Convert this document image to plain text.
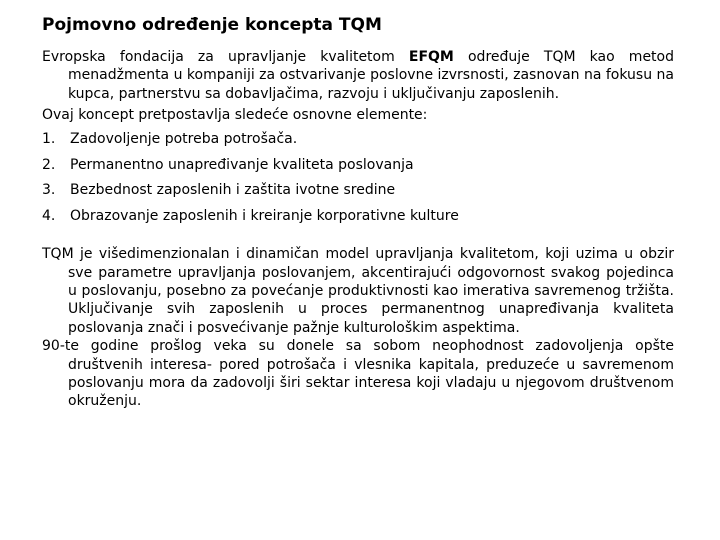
Pojmovno određenje koncepta TQM

Evropska fondacija za upravljanje kvalitetom EFQM određuje TQM kao metod menadžmenta u kompaniji za ostvarivanje poslovne izvrsnosti, zasnovan na fokusu na kupca, partnerstvu sa dobavljačima, razvoju i uključivanju zaposlenih.

Ovaj koncept pretpostavlja sledeće osnovne elemente:

1.	Zadovoljenje potreba potrošača.
2.	Permanentno unapređivanje kvaliteta poslovanja
3.	Bezbednost zaposlenih i zaštita ivotne sredine
4.	Obrazovanje zaposlenih i kreiranje korporativne kulture

TQM je višedimenzionalan i dinamičan model upravljanja kvalitetom, koji uzima u obzir sve parametre upravljanja poslovanjem, akcentirajući odgovornost svakog pojedinca u poslovanju, posebno za povećanje produktivnosti kao imerativa savremenog tržišta. Uključivanje svih zaposlenih u proces permanentnog unapređivanja kvaliteta poslovanja znači i posvećivanje pažnje kulturološkim aspektima.

90-te godine prošlog veka su donele sa sobom neophodnost zadovoljenja opšte društvenih interesa- pored potrošača i vlesnika kapitala, preduzeće u savremenom poslovanju mora da zadovolji širi sektar interesa koji vladaju u njegovom društvenom okruženju.
